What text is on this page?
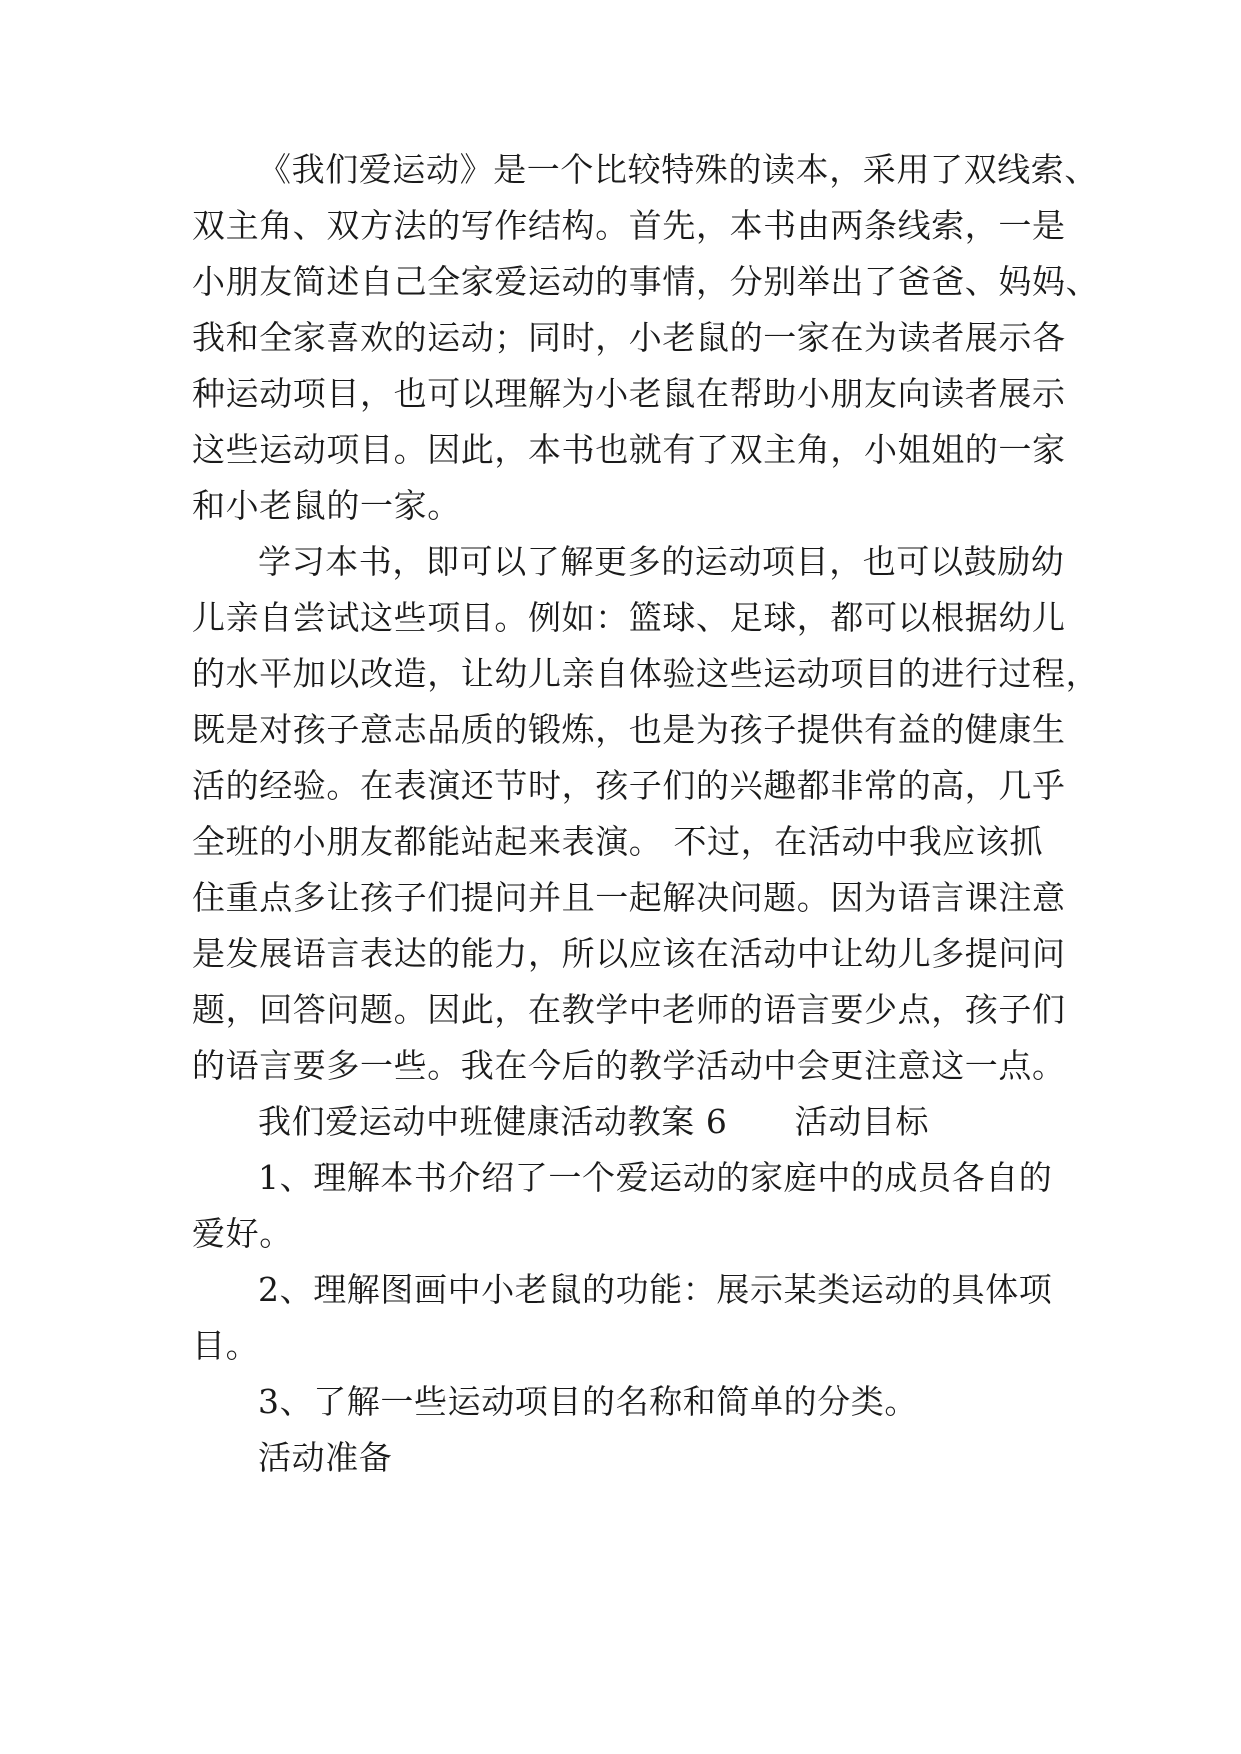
《我们爱运动》是一个比较特殊的读本，采用了双线索、
双主角、双方法的写作结构。首先，本书由两条线索，一是
小朋友简述自己全家爱运动的事情，分别举出了爸爸、妈妈、
我和全家喜欢的运动；同时，小老鼠的一家在为读者展示各
种运动项目，也可以理解为小老鼠在帮助小朋友向读者展示
这些运动项目。因此，本书也就有了双主角，小姐姐的一家
和小老鼠的一家。
学习本书，即可以了解更多的运动项目，也可以鼓励幼
儿亲自尝试这些项目。例如：篮球、足球，都可以根据幼儿
的水平加以改造，让幼儿亲自体验这些运动项目的进行过程，
既是对孩子意志品质的锻炼，也是为孩子提供有益的健康生
活的经验。在表演还节时，孩子们的兴趣都非常的高，几乎
全班的小朋友都能站起来表演。 不过，在活动中我应该抓
住重点多让孩子们提问并且一起解决问题。因为语言课注意
是发展语言表达的能力，所以应该在活动中让幼儿多提问问
题，回答问题。因此，在教学中老师的语言要少点，孩子们
的语言要多一些。我在今后的教学活动中会更注意这一点。
我们爱运动中班健康活动教案 6　　活动目标
1、理解本书介绍了一个爱运动的家庭中的成员各自的
爱好。
2、理解图画中小老鼠的功能：展示某类运动的具体项
目。
3、了解一些运动项目的名称和简单的分类。
活动准备
